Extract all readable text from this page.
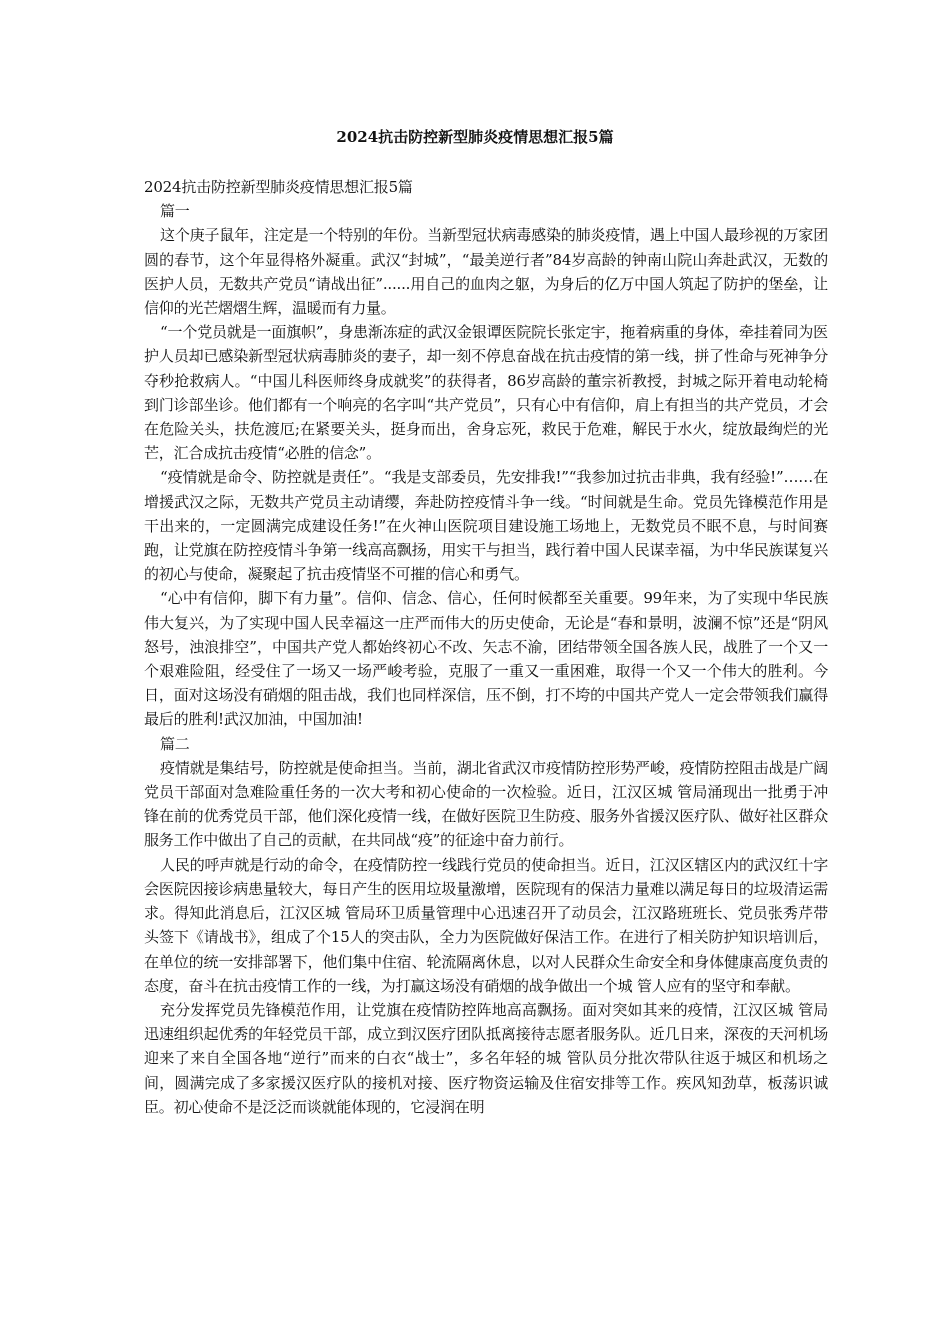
2024抗击防控新型肺炎疫情思想汇报5篇

2024抗击防控新型肺炎疫情思想汇报5篇

篇一

这个庚子鼠年，注定是一个特别的年份。当新型冠状病毒感染的肺炎疫情，遇上中国人最珍视的万家团圆的春节，这个年显得格外凝重。武汉“封城”，“最美逆行者”84岁高龄的钟南山院山奔赴武汉，无数的医护人员，无数共产党员“请战出征”......用自己的血肉之躯，为身后的亿万中国人筑起了防护的堡垒，让信仰的光芒熠熠生辉，温暖而有力量。

“一个党员就是一面旗帜”，身患渐冻症的武汉金银谭医院院长张定宇，拖着病重的身体，牵挂着同为医护人员却已感染新型冠状病毒肺炎的妻子，却一刻不停息奋战在抗击疫情的第一线，拼了性命与死神争分夺秒抢救病人。“中国儿科医师终身成就奖”的获得者，86岁高龄的董宗祈教授，封城之际开着电动轮椅到门诊部坐诊。他们都有一个响亮的名字叫“共产党员”，只有心中有信仰，肩上有担当的共产党员，才会在危险关头，扶危渡厄;在紧要关头，挺身而出，舍身忘死，救民于危难，解民于水火，绽放最绚烂的光芒，汇合成抗击疫情“必胜的信念”。

“疫情就是命令、防控就是责任”。“我是支部委员，先安排我!”“我参加过抗击非典，我有经验!”……在增援武汉之际，无数共产党员主动请缨，奔赴防控疫情斗争一线。“时间就是生命。党员先锋模范作用是干出来的，一定圆满完成建设任务!”在火神山医院项目建设施工场地上，无数党员不眠不息，与时间赛跑，让党旗在防控疫情斗争第一线高高飘扬，用实干与担当，践行着中国人民谋幸福，为中华民族谋复兴的初心与使命，凝聚起了抗击疫情坚不可摧的信心和勇气。

“心中有信仰，脚下有力量”。信仰、信念、信心，任何时候都至关重要。99年来，为了实现中华民族伟大复兴，为了实现中国人民幸福这一庄严而伟大的历史使命，无论是“春和景明，波澜不惊”还是“阴风怒号，浊浪排空”，中国共产党人都始终初心不改、矢志不渝，团结带领全国各族人民，战胜了一个又一个艰难险阻，经受住了一场又一场严峻考验，克服了一重又一重困难，取得一个又一个伟大的胜利。今日，面对这场没有硝烟的阻击战，我们也同样深信，压不倒，打不垮的中国共产党人一定会带领我们赢得最后的胜利!武汉加油，中国加油!

篇二

疫情就是集结号，防控就是使命担当。当前，湖北省武汉市疫情防控形势严峻，疫情防控阻击战是广阔党员干部面对急难险重任务的一次大考和初心使命的一次检验。近日，江汉区城 管局涌现出一批勇于冲锋在前的优秀党员干部，他们深化疫情一线，在做好医院卫生防疫、服务外省援汉医疗队、做好社区群众服务工作中做出了自己的贡献，在共同战“疫”的征途中奋力前行。

人民的呼声就是行动的命令，在疫情防控一线践行党员的使命担当。近日，江汉区辖区内的武汉红十字会医院因接诊病患量较大，每日产生的医用垃圾量激增，医院现有的保洁力量难以满足每日的垃圾清运需求。得知此消息后，江汉区城 管局环卫质量管理中心迅速召开了动员会，江汉路班班长、党员张秀芹带头签下《请战书》，组成了个15人的突击队，全力为医院做好保洁工作。在进行了相关防护知识培训后，在单位的统一安排部署下，他们集中住宿、轮流隔离休息，以对人民群众生命安全和身体健康高度负责的态度，奋斗在抗击疫情工作的一线，为打赢这场没有硝烟的战争做出一个城 管人应有的坚守和奉献。

充分发挥党员先锋模范作用，让党旗在疫情防控阵地高高飘扬。面对突如其来的疫情，江汉区城 管局迅速组织起优秀的年轻党员干部，成立到汉医疗团队抵离接待志愿者服务队。近几日来，深夜的天河机场迎来了来自全国各地“逆行”而来的白衣“战士”，多名年轻的城 管队员分批次带队往返于城区和机场之间，圆满完成了多家援汉医疗队的接机对接、医疗物资运输及住宿安排等工作。疾风知劲草，板荡识诚臣。初心使命不是泛泛而谈就能体现的，它浸润在明
